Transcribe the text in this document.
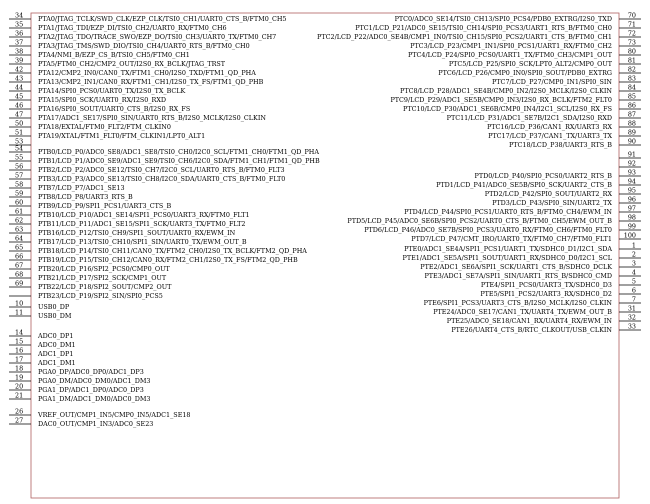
34 PTA0/JTAG_TCLK/SWD_CLK/EZP_CLK/TSI0_CH1/UART0_CTS_B/FTM0_CH5
35 PTA1/JTAG_TDI/EZP_DI/TSI0_CH2/UART0_RX/FTM0_CH6
36 PTA2/JTAG_TDO/TRACE_SWO/EZP_DO/TSI0_CH3/UART0_TX/FTM0_CH7
37 PTA3/JTAG_TMS/SWD_DIO/TSI0_CH4/UART0_RTS_B/FTM0_CH0
38 PTA4/NMI_B/EZP_CS_B/TSI0_CH5/FTM0_CH1
39 PTA5/FTM0_CH2/CMP2_OUT/I2S0_RX_BCLK/JTAG_TRST
42 PTA12/CMP2_IN0/CAN0_TX/FTM1_CH0/I2S0_TXD/FTM1_QD_PHA
43 PTA13/CMP2_IN1/CAN0_RX/FTM1_CH1/I2S0_TX_FS/FTM1_QD_PHB
44 PTA14/SPI0_PCS0/UART0_TX/I2S0_TX_BCLK
45 PTA15/SPI0_SCK/UART0_RX/I2S0_RXD
46 PTA16/SPI0_SOUT/UART0_CTS_B/I2S0_RX_FS
47 PTA17/ADC1_SE17/SPI0_SIN/UART0_RTS_B/I2S0_MCLK/I2S0_CLKIN
50 PTA18/EXTAL/FTM0_FLT2/FTM_CLKIN0
51 PTA19/XTAL/FTM1_FLT0/FTM_CLKIN1/LPT0_ALT1
53
54 PTB0/LCD_P0/ADC0_SE8/ADC1_SE8/TSI0_CH0/I2C0_SCL/FTM1_CH0/FTM1_QD_PHA
55 PTB1/LCD_P1/ADC0_SE9/ADC1_SE9/TSI0_CH6/I2C0_SDA/FTM1_CH1/FTM1_QD_PHB
56 PTB2/LCD_P2/ADC0_SE12/TSI0_CH7/I2C0_SCL/UART0_RTS_B/FTM0_FLT3
57 PTB3/LCD_P3/ADC0_SE13/TSI0_CH8/I2C0_SDA/UART0_CTS_B/FTM0_FLT0
58 PTB7/LCD_P7/ADC1_SE13
59 PTB8/LCD_P8/UART3_RTS_B
60 PTB9/LCD_P9/SPI1_PCS1/UART3_CTS_B
61 PTB10/LCD_P10/ADC1_SE14/SPI1_PCS0/UART3_RX/FTM0_FLT1
62 PTB11/LCD_P11/ADC1_SE15/SPI1_SCK/UART3_TX/FTM0_FLT2
63 PTB16/LCD_P12/TSI0_CH9/SPI1_SOUT/UART0_RX/EWM_IN
64 PTB17/LCD_P13/TSI0_CH10/SPI1_SIN/UART0_TX/EWM_OUT_B
65 PTB18/LCD_P14/TSI0_CH11/CAN0_TX/FTM2_CH0/I2S0_TX_BCLK/FTM2_QD_PHA
66 PTB19/LCD_P15/TSI0_CH12/CAN0_RX/FTM2_CH1/I2S0_TX_FS/FTM2_QD_PHB
67 PTB20/LCD_P16/SPI2_PCS0/CMP0_OUT
68 PTB21/LCD_P17/SPI2_SCK/CMP1_OUT
69 PTB22/LCD_P18/SPI2_SOUT/CMP2_OUT
PTB23/LCD_P19/SPI2_SIN/SPI0_PCS5
10 USB0_DP
11 USB0_DM
14 ADC0_DP1
15 ADC0_DM1
16 ADC1_DP1
17 ADC1_DM1
18 PGA0_DP/ADC0_DP0/ADC1_DP3
19 PGA0_DM/ADC0_DM0/ADC1_DM3
20 PGA1_DP/ADC1_DP0/ADC0_DP3
21 PGA1_DM/ADC1_DM0/ADC0_DM3
26 VREF_OUT/CMP1_IN5/CMP0_IN5/ADC1_SE18
27 DAC0_OUT/CMP1_IN3/ADC0_SE23
70
PTC0/ADC0_SE14/TSI0_CH13/SPI0_PCS4/PDB0_EXTRG/I2S0_TXD
71
PTC1/LCD_P21/ADC0_SE15/TSI0_CH14/SPI0_PCS3/UART1_RTS_B/FTM0_CH0
72
PTC2/LCD_P22/ADC0_SE4B/CMP1_IN0/TSI0_CH15/SPI0_PCS2/UART1_CTS_B/FTM0_CH1
73
PTC3/LCD_P23/CMP1_IN1/SPI0_PCS1/UART1_RX/FTM0_CH2
80
PTC4/LCD_P24/SPI0_PCS0/UART1_TX/FTM0_CH3/CMP1_OUT
81
PTC5/LCD_P25/SPI0_SCK/LPT0_ALT2/CMP0_OUT
82
PTC6/LCD_P26/CMP0_IN0/SPI0_SOUT/PDB0_EXTRG
83
PTC7/LCD_P27/CMP0_IN1/SPI0_SIN
84
PTC8/LCD_P28/ADC1_SE4B/CMP0_IN2/I2S0_MCLK/I2S0_CLKIN
85
PTC9/LCD_P29/ADC1_SE5B/CMP0_IN3/I2S0_RX_BCLK/FTM2_FLT0
86
PTC10/LCD_P30/ADC1_SE6B/CMP0_IN4/I2C1_SCL/I2S0_RX_FS
87
PTC11/LCD_P31/ADC1_SE7B/I2C1_SDA/I2S0_RXD
88
PTC16/LCD_P36/CAN1_RX/UART3_RX
89
PTC17/LCD_P37/CAN1_TX/UART3_TX
90
PTC18/LCD_P38/UART3_RTS_B
91
92
93
PTD0/LCD_P40/SPI0_PCS0/UART2_RTS_B
94
PTD1/LCD_P41/ADC0_SE5B/SPI0_SCK/UART2_CTS_B
95
PTD2/LCD_P42/SPI0_SOUT/UART2_RX
96
PTD3/LCD_P43/SPI0_SIN/UART2_TX
97
PTD4/LCD_P44/SPI0_PCS1/UART0_RTS_B/FTM0_CH4/EWM_IN
98
PTD5/LCD_P45/ADC0_SE6B/SPI0_PCS2/UART0_CTS_B/FTM0_CH5/EWM_OUT_B
99
PTD6/LCD_P46/ADC0_SE7B/SPI0_PCS3/UART0_RX/FTM0_CH6/FTM0_FLT0
100
PTD7/LCD_P47/CMT_IRO/UART0_TX/FTM0_CH7/FTM0_FLT1
1
PTE0/ADC1_SE4A/SPI1_PCS1/UART1_TX/SDHC0_D1/I2C1_SDA
2
PTE1/ADC1_SE5A/SPI1_SOUT/UART1_RX/SDHC0_D0/I2C1_SCL
3
PTE2/ADC1_SE6A/SPI1_SCK/UART1_CTS_B/SDHC0_DCLK
4
PTE3/ADC1_SE7A/SPI1_SIN/UART1_RTS_B/SDHC0_CMD
5
PTE4/SPI1_PCS0/UART3_TX/SDHC0_D3
6
PTE5/SPI1_PCS2/UART3_RX/SDHC0_D2
7
PTE6/SPI1_PCS3/UART3_CTS_B/I2S0_MCLK/I2S0_CLKIN
31
PTE24/ADC0_SE17/CAN1_TX/UART4_TX/EWM_OUT_B
32
PTE25/ADC0_SE18/CAN1_RX/UART4_RX/EWM_IN
33
PTE26/UART4_CTS_B/RTC_CLKOUT/USB_CLKIN
